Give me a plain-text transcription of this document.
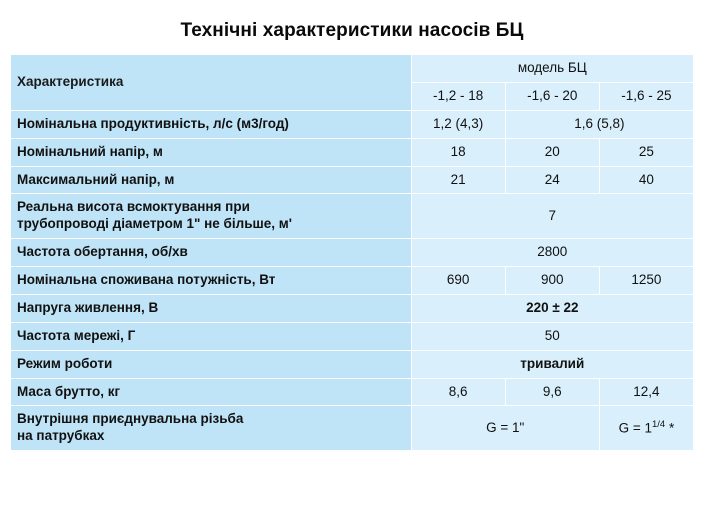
Технічні характеристики насосів БЦ
Характеристика	модель БЦ		
	-1,2 - 18	-1,6 - 20	-1,6 - 25
Номінальна продуктивність, л/с (м3/год)	1,2 (4,3)	1,6 (5,8)	
Номінальний напір, м	18	20	25
Максимальний напір, м	21	24	40

Реальна висота всмоктування при
трубопроводі діаметром 1" не більше, м'	7		
Частота обертання, об/хв	2800		
Номінальна споживана потужність, Вт	690	900	1250
Напруга живлення, В	220 ± 22		
Частота мережі, Г	50		
Режим роботи	тривалий		
Маса брутто, кг	8,6	9,6	12,4

Внутрішня приєднувальна різьба
на патрубках	G = 1"		$G = 1^{1/4}$ *
